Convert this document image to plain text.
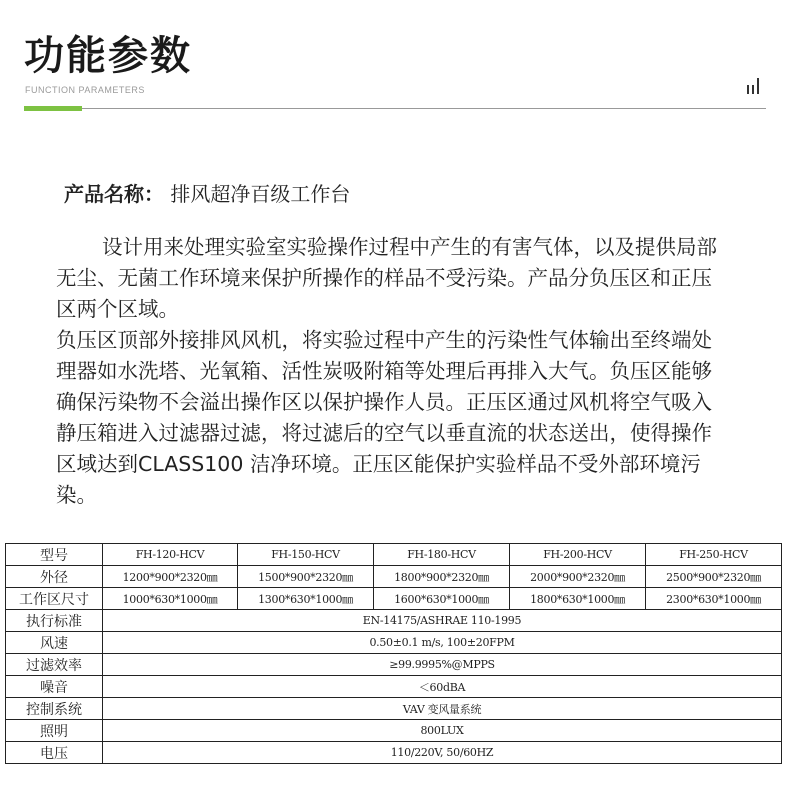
功能参数
FUNCTION PARAMETERS
产品名称： 排风超净百级工作台

设计用来处理实验室实验操作过程中产生的有害气体，以及提供局部无尘、无菌工作环境来保护所操作的样品不受污染。产品分负压区和正压区两个区域。

负压区顶部外接排风风机，将实验过程中产生的污染性气体输出至终端处理器如水洗塔、光氧箱、活性炭吸附箱等处理后再排入大气。负压区能够确保污染物不会溢出操作区以保护操作人员。正压区通过风机将空气吸入静压箱进入过滤器过滤，将过滤后的空气以垂直流的状态送出，使得操作区域达到CLASS100 洁净环境。正压区能保护实验样品不受外部环境污染。

型号	FH-120-HCV	FH-150-HCV	FH-180-HCV	FH-200-HCV	FH-250-HCV
外径	1200*900*2320㎜	1500*900*2320㎜	1800*900*2320㎜	2000*900*2320㎜	2500*900*2320㎜
工作区尺寸	1000*630*1000㎜	1300*630*1000㎜	1600*630*1000㎜	1800*630*1000㎜	2300*630*1000㎜
执行标准	EN-14175/ASHRAE 110-1995				
风速	0.50±0.1 m/s, 100±20FPM				
过滤效率	≥99.9995%@MPPS				
噪音	＜60dBA				
控制系统	VAV 变风量系统				
照明	800LUX				
电压	110/220V, 50/60HZ				
